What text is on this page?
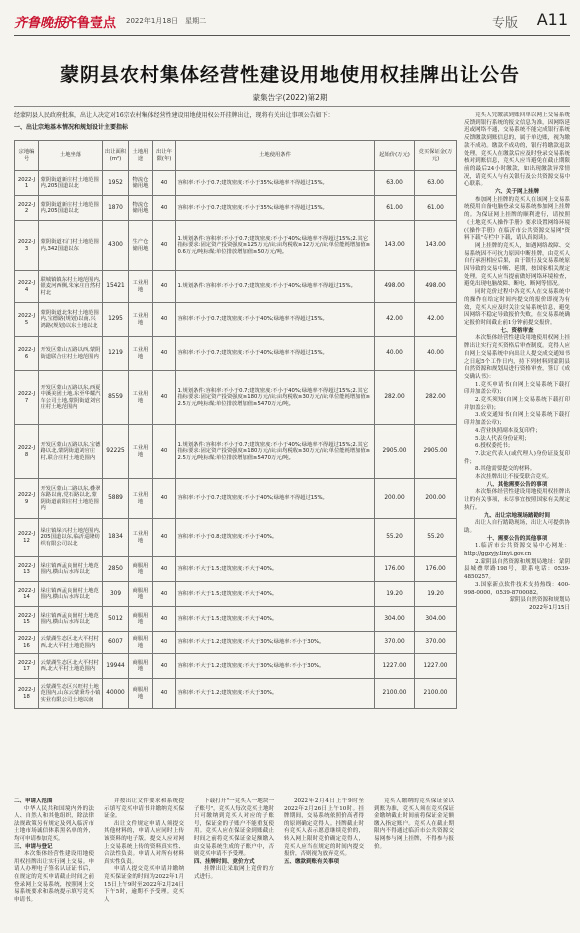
齐鲁晚报
齐鲁壹点 2022年1月18日　星期二	专版 A11
蒙阴县农村集体经营性建设用地使用权挂牌出让公告
蒙集告字(2022)第2期
经蒙阴县人民政府批准，出让人决定对16宗农村集体经营性建设用地使用权公开挂牌出让，现将有关出让事项公告如下：
一、出让宗地基本情况和规划设计主要指标
宗地编号	土地坐落	出让面积(m²)	土地用途	出让年限(年)	土地使用条件	起始价(万元)	竞买保证金(万元)
2022-J1	蒙阴街道新庄村土地范围内,205国道以北	1952	物流仓储用地	40	容积率:不小于0.7;建筑密度:不小于35%;绿地率不得超过15%。	63.00	63.00
2022-J2	蒙阴街道新庄村土地范围内,205国道以北	1870	物流仓储用地	40	容积率:不小于0.7;建筑密度:不小于35%;绿地率不得超过15%。	61.00	61.00
2022-J3	蒙阴街道石门村土地范围内,342国道以东	4300	生产仓储用地	40	1.规划条件:容积率:不小于0.7;建筑密度:不小于40%;绿地率不得超过15%;2.其它指标要求:固定资产投资强度≥125万元/亩;亩均税收≥12万元/亩;单位能耗增加值≥0.6万元/吨标煤;单位排放增加值≥50万元/吨。	143.00	143.00
2022-J4	联城镇镇东村土地范围内,银麦河西侧,朱家庄自然村村北	15421	工业用地	40	1.规划条件:容积率:不小于0.7;建筑密度:不小于40%;绿地率不得超过15%。	498.00	498.00
2022-J5	蒙阴街道北朱村土地范围内,宝德路(规划)以南,兴鸿路(规划)以东土地以北	1295	工业用地	40	容积率:不小于0.7;建筑密度:不小于40%;绿地率不得超过15%。	42.00	42.00
2022-J6	开发区蒙山五路以西,蒙阴街道联合庄村土地范围内	1219	工业用地	40	容积率:不小于0.7;建筑密度:不小于40%;绿地率不得超过15%。	40.00	40.00
2022-J7	开发区蒙山五路以东,西夏中溪美团土地,东至华耀汽车公司土地,蒙阴街道刘官庄村土地范围内	8559	工业用地	40	1.规划条件:容积率:不小于0.7;建筑密度:不小于40%;绿地率不得超过15%;2.其它指标要求:固定资产投资强度≥180万元/亩;亩均税收≥30万元/亩;单位能耗增加值≥2.5万元/吨标煤;单位排放增加值≥5470万元/吨。	282.00	282.00
2022-J8	开发区蒙山五路以东,宝德路以北,蒙阴街道刘官庄村,联合庄村土地范围内	92225	工业用地	40	1.规划条件:容积率:不小于0.7;建筑密度:不小于40%;绿地率不得超过15%;2.其它指标要求:固定资产投资强度≥180万元/亩;亩均税收≥30万元/亩;单位能耗增加值≥2.5万元/吨标煤;单位排放增加值≥5470万元/吨。	2905.00	2905.00
2022-J9	开发区蒙山二路以东,叠翠东路以南,党石路以北,蒙阴街道前阳庄村土地范围内	5889	工业用地	40	容积率:不小于0.7;建筑密度:不小于40%;绿地率不得超过15%。	200.00	200.00
2022-J12	垛庄镇垛兴村土地范围内,205国道以东,临沂巡隆纺织有限公司以北	1834	工业用地	40	容积率:不小于0.8;建筑密度:不小于40%。	55.20	55.20
2022-J13	垛庄镇西孟良崮村土地范围内,横山后水库以北	2850	商服用地	40	容积率:不大于1.5;建筑密度:不大于40%。	176.00	176.00
2022-J14	垛庄镇西孟良崮村土地范围内,横山后水库以北	309	商服用地	40	容积率:不大于1.5;建筑密度:不大于40%。	19.20	19.20
2022-J15	垛庄镇西孟良崮村土地范围内,横山后水库以北	5012	商服用地	40	容积率:不大于1.5;建筑密度:不大于40%。	304.00	304.00
2022-J16	云蒙湖生态区北大平村村西,北大平村土地范围内	6007	商服用地	40	容积率:不大于1.2;建筑密度:不大于30%;绿地率:不小于30%。	370.00	370.00
2022-J17	云蒙湖生态区北大平村村西,北大平村土地范围内	19944	商服用地	40	容积率:不大于1.2;建筑密度:不大于30%;绿地率:不小于30%。	1227.00	1227.00
2022-J18	云蒙湖生态区兴旺村土地范围内,山东云蒙秉寿小镇实业有限公司土地以南	40000	商服用地	40	容积率:不大于1.2;建筑密度:不大于30%。	2100.00	2100.00

竞买人凭缴款到账回单以网上交易系统反馈到银行系统的报文信息为准，因网络延迟或网络不通，交易系统不能完成银行系统反馈缴款到账信息的，属于单边账，视为缴款不成功。缴款不成功的，银行将缴款退款处理，竞买人在缴款后应及时登录交易系统核对到账信息，竞买人应当避免在截止期限前的最后24小时缴款，如出现缴款异常情况，请竞买人与有关银行及公共资源交易中心联系。

六、关于网上挂牌

参加网上挂牌的竞买人在该网上交易系统使用自备电脑登录交易系统参加网上挂牌的。为保证网上挂牌的顺利进行，请按照《土地竞买人操作手册》要求设置网络环境(《操作手册》在临沂市公共资源交易网"资料下载"专栏中下载，请认真阅读)。

网上挂牌的竞买人，如遇网络故障、交易系统因不可抗力原因中断挂牌，由竞买人自行承担相应后果，由于银行及交易系统原因导致的交易中断、延期，按国家相关规定处理。竞买人应当提前做好网络环境检查，避免出现电脑故障、断电、断网等情况。

同时竞价过程中各竞买人在交易系统中的操作在给定时间内提交的报价即视为有效，竞买人应及时关注交易系统信息，避免因网络不稳定导致报价失败，在交易系统确定报价时间截止前1分钟前提交报价。

七、资格审查

本次集体经营性建设用地使用权网上挂牌出让实行竞买资格后审查制度。竞得人应自网上交易系统中向出让人提交成交通知书之日起5个工作日内，持下列材料到蒙阴县自然资源和规划局进行资格审查，签订《成交确认书》：

1.竞买申请书(自网上交易系统下载打印并加盖公章)；

2.竞买须知(自网上交易系统下载打印并加盖公章)；

3.成交通知书(自网上交易系统下载打印并加盖公章)；

4.营业执照副本及复印件；

5.法人代表身份证明；

6.授权委托书；

7.法定代表人(或代理人)身份证及复印件；

8.其他需要提交的材料。

本次挂牌出让不接受联合竞买。

八、其他需要公告的事项

本次集体经营性建设用地使用权挂牌出让的有关事项，未尽事宜按照国家有关规定执行。

九、出让宗地现场踏勘时间

出让人自行踏勘现场，出让人可提供协助。

十、需要公告的其他事项

1.临沂市公共资源交易中心网址：http://ggzyjy.linyi.gov.cn

2.蒙阴县自然资源和规划局地址：蒙阴县城叠翠路198号，联系电话：0539-4850257。

3.国家新点软件技术支持热线：400-998-0000，0539-8700082。

蒙阴县自然资源和规划局

2022年1月15日

二、申请人范围

中华人民共和国境内外的法人、自然人和其他组织，除法律法规政策另有规定及列入临沂市土地市场诚信体系黑名单的外，均可申请参加竞买。

三、申请与登记

本次集体经营性建设用地使用权挂牌出让实行网上交易。申请人办理电子签名认证证书后，在规定的竞买申请截止时间之前登录网上交易系统，按照网上交易系统要求和系统提示填写竞买申请书。

并按出让文件要求和系统提示填写竞买申请书并缴纳竞买保证金。

出让文件规定申请人须提交其他材料的，申请人应同时上传该资料的电子版。提交人应对网上交易系统上传的资料真实性、合法性负责。申请人对所有材料真实性负责。

申请人提交竞买申请并缴纳竞买保证金的时间为2022年1月15日上午9时至2022年2月24日下午5时，逾期不予受理。竞买人

下载打开"一竞买人一地块一子账号"，竞买人每次竞买土地时只可缴纳到竞买人对应的子账号，保证金的子账户不能重复使用。竞买人应在保证金到账截止时间之前将竞买保证金足额缴入由交易系统生成的子账户中，否则竞买申请不予受理。

四、挂牌时间、竞价方式

挂牌出让采取网上竞价的方式进行。

2022年2月4日上午9时至2022年2月26日上午10时。挂牌期间，交易系统依照价高者得的原则确定竞得人。挂牌截止时有竞买人表示愿意继续竞价的，转入网上限时竞价确定竞得人，竞买人应当在规定的时间内提交报价，否则视为放弃竞买。

五、缴款到账有关事项

竞买人缴纳的竞买保证金以到账为准，竞买人须在竞买保证金缴纳截止时间前将保证金足额缴入指定账户。竞买人在截止期限内不得通过临沂市公共资源交易网参与网上挂牌，不得参与报价。
